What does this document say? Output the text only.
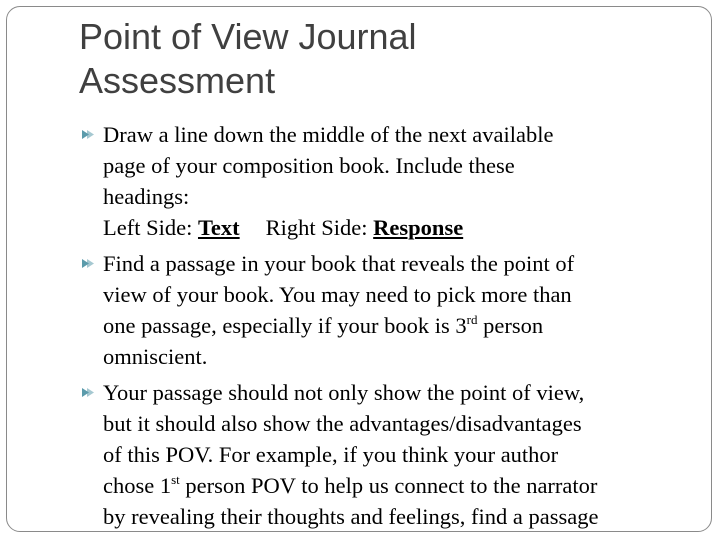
Point of View Journal
Assessment
Draw a line down the middle of the next available
page of your composition book. Include these
headings:
Left Side: Text Right Side: Response
Find a passage in your book that reveals the point of
view of your book. You may need to pick more than
one passage, especially if your book is 3rd person
omniscient.
Your passage should not only show the point of view,
but it should also show the advantages/disadvantages
of this POV. For example, if you think your author
chose 1st person POV to help us connect to the narrator
by revealing their thoughts and feelings, find a passage
